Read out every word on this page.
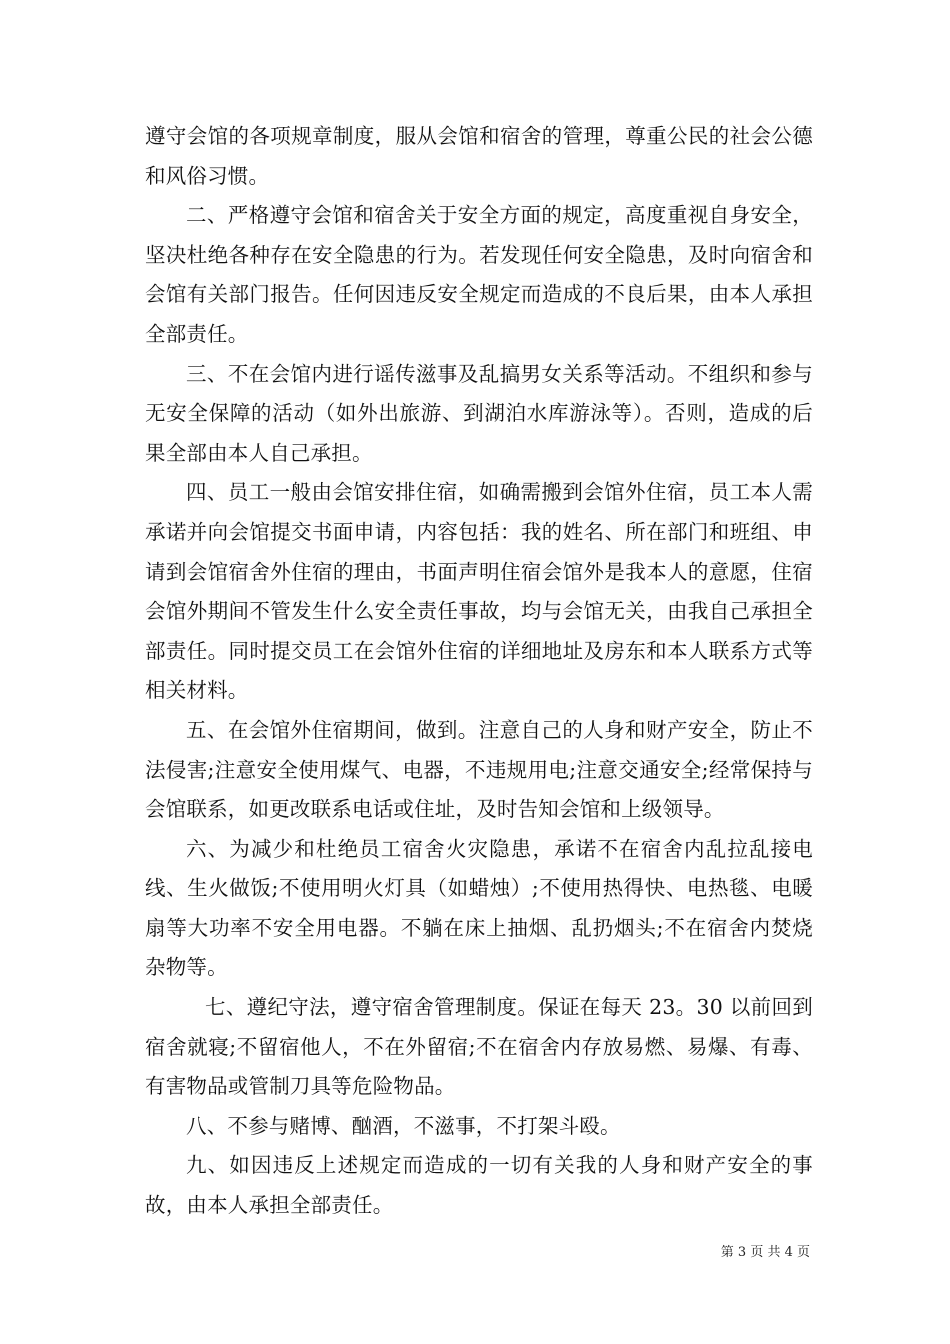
遵守会馆的各项规章制度，服从会馆和宿舍的管理，尊重公民的社会公德和风俗习惯。

二、严格遵守会馆和宿舍关于安全方面的规定，高度重视自身安全，坚决杜绝各种存在安全隐患的行为。若发现任何安全隐患，及时向宿舍和会馆有关部门报告。任何因违反安全规定而造成的不良后果，由本人承担全部责任。

三、不在会馆内进行谣传滋事及乱搞男女关系等活动。不组织和参与无安全保障的活动（如外出旅游、到湖泊水库游泳等）。否则，造成的后果全部由本人自己承担。

四、员工一般由会馆安排住宿，如确需搬到会馆外住宿，员工本人需承诺并向会馆提交书面申请，内容包括：我的姓名、所在部门和班组、申请到会馆宿舍外住宿的理由，书面声明住宿会馆外是我本人的意愿，住宿会馆外期间不管发生什么安全责任事故，均与会馆无关，由我自己承担全部责任。同时提交员工在会馆外住宿的详细地址及房东和本人联系方式等相关材料。

五、在会馆外住宿期间，做到。注意自己的人身和财产安全，防止不法侵害;注意安全使用煤气、电器，不违规用电;注意交通安全;经常保持与会馆联系，如更改联系电话或住址，及时告知会馆和上级领导。

六、为减少和杜绝员工宿舍火灾隐患，承诺不在宿舍内乱拉乱接电线、生火做饭;不使用明火灯具（如蜡烛）;不使用热得快、电热毯、电暖扇等大功率不安全用电器。不躺在床上抽烟、乱扔烟头;不在宿舍内焚烧杂物等。

七、遵纪守法，遵守宿舍管理制度。保证在每天 23。30 以前回到宿舍就寝;不留宿他人，不在外留宿;不在宿舍内存放易燃、易爆、有毒、有害物品或管制刀具等危险物品。

八、不参与赌博、酗酒，不滋事，不打架斗殴。

九、如因违反上述规定而造成的一切有关我的人身和财产安全的事故，由本人承担全部责任。

第 3 页 共 4 页
